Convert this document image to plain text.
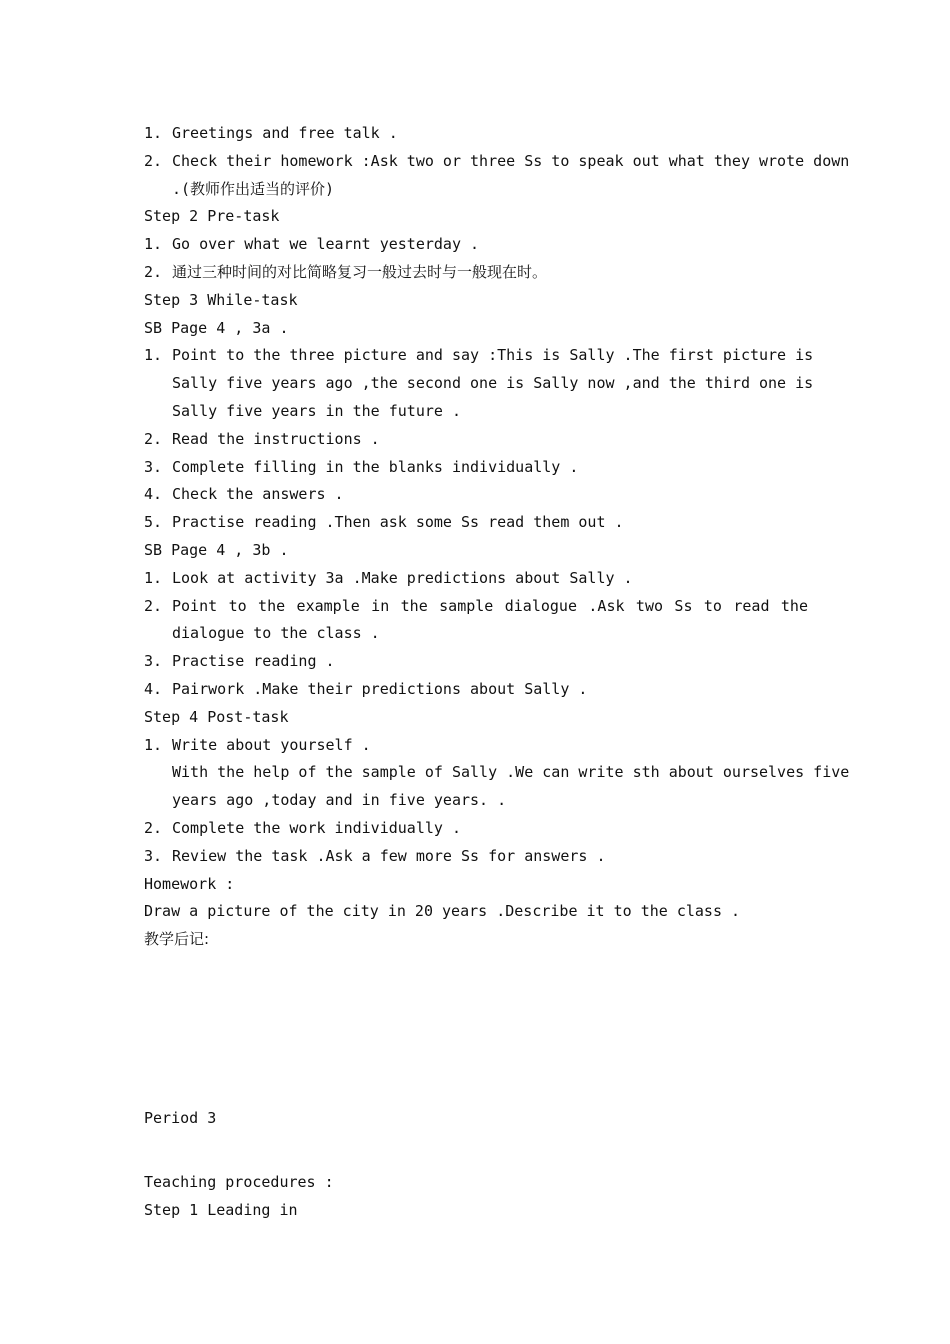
1. Greetings and free talk .
2. Check their homework :Ask two or three Ss to speak out what they wrote down
.(教师作出适当的评价)
Step 2 Pre-task
1. Go over what we learnt yesterday .
2. 通过三种时间的对比简略复习一般过去时与一般现在时。
Step 3 While-task
SB Page 4 , 3a .
1. Point to the three picture and say :This is Sally .The first picture is
Sally five years ago ,the second one is Sally now ,and the third one is
Sally five years in the future .
2. Read the instructions .
3. Complete filling in the blanks individually .
4. Check the answers .
5. Practise reading .Then ask some Ss read them out .
SB Page 4 , 3b .
1. Look at activity 3a .Make predictions about Sally .
2. Point to the example in the sample dialogue .Ask two Ss to read the
dialogue to the class .
3. Practise reading .
4. Pairwork .Make their predictions about Sally .
Step 4 Post-task
1. Write about yourself .
With the help of the sample of Sally .We can write sth about ourselves five
years ago ,today and in five years. .
2. Complete the work individually .
3. Review the task .Ask a few more Ss for answers .
Homework :
Draw a picture of the city in 20 years .Describe it to the class .
教学后记:
Period 3
Teaching procedures :
Step 1 Leading in
